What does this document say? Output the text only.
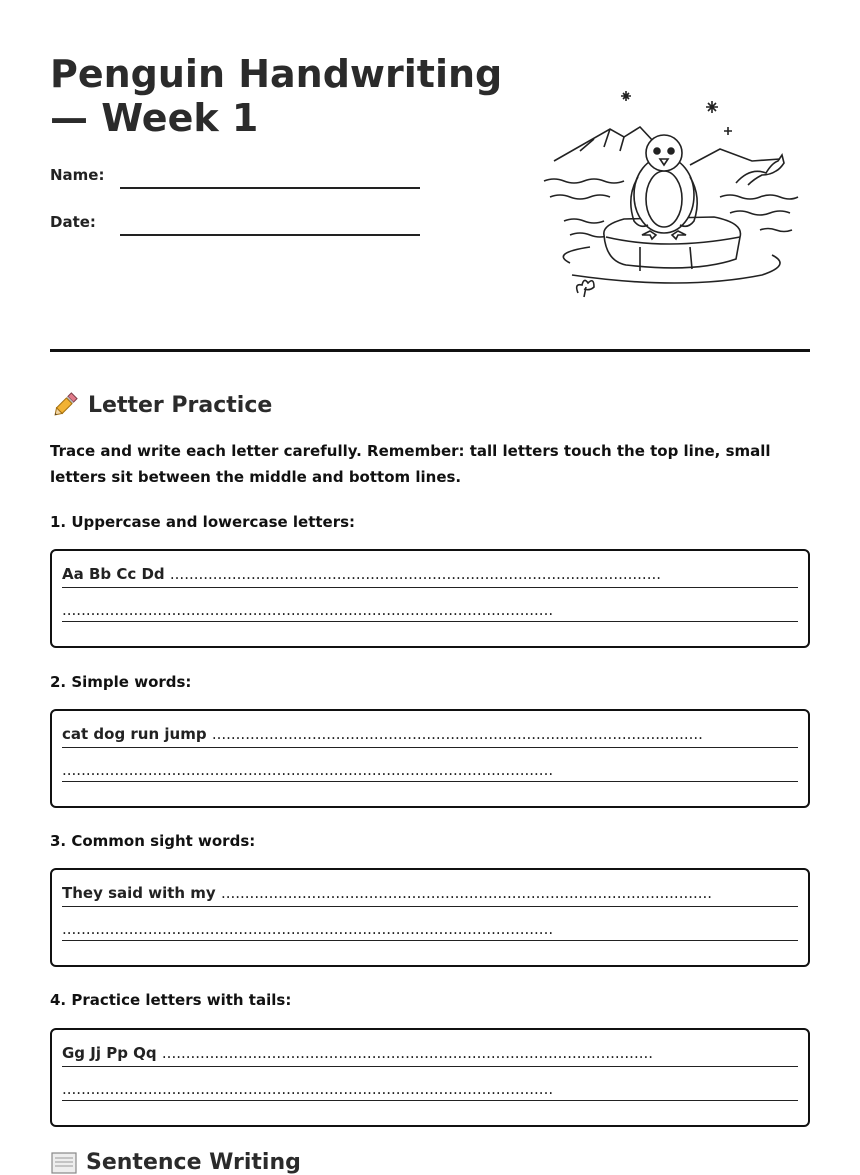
Penguin Handwriting — Week 1
Name:
Date:
Letter Practice
Trace and write each letter carefully. Remember: tall letters touch the top line, small letters sit between the middle and bottom lines.
1. Uppercase and lowercase letters:
Aa Bb Cc Dd .......................................................................................................
.......................................................................................................
2. Simple words:
cat dog run jump .......................................................................................................
.......................................................................................................
3. Common sight words:
They said with my .......................................................................................................
.......................................................................................................
4. Practice letters with tails:
Gg Jj Pp Qq .......................................................................................................
.......................................................................................................
Sentence Writing
